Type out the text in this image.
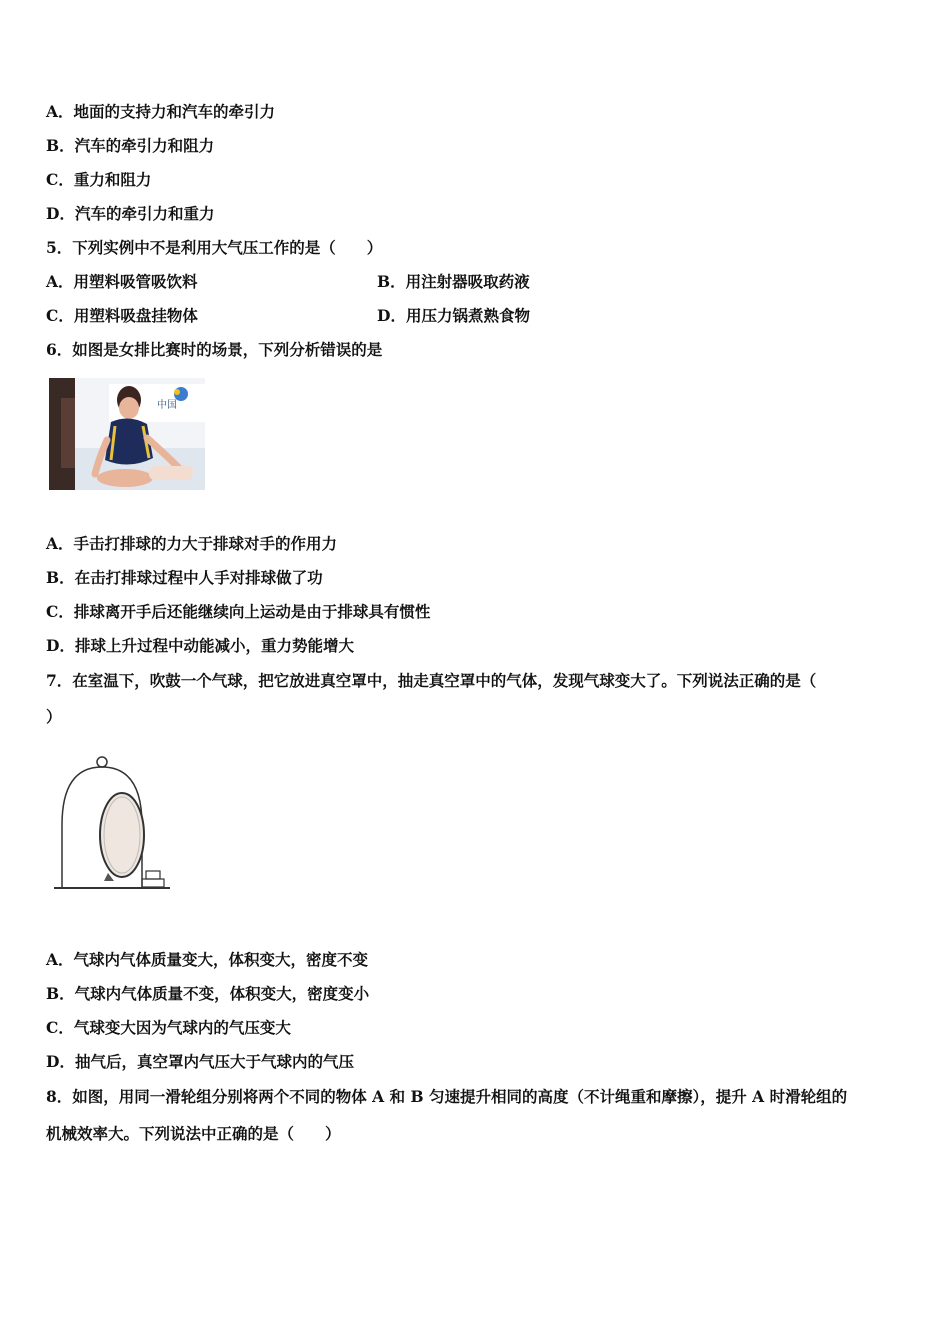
A．地面的支持力和汽车的牵引力
B．汽车的牵引力和阻力
C．重力和阻力
D．汽车的牵引力和重力
5．下列实例中不是利用大气压工作的是（　　）
A．用塑料吸管吸饮料	B．用注射器吸取药液
C．用塑料吸盘挂物体	D．用压力锅煮熟食物
6．如图是女排比赛时的场景，下列分析错误的是
中国
A．手击打排球的力大于排球对手的作用力
B．在击打排球过程中人手对排球做了功
C．排球离开手后还能继续向上运动是由于排球具有惯性
D．排球上升过程中动能减小，重力势能增大
7．在室温下，吹鼓一个气球，把它放进真空罩中，抽走真空罩中的气体，发现气球变大了。下列说法正确的是（
）
A．气球内气体质量变大，体积变大，密度不变
B．气球内气体质量不变，体积变大，密度变小
C．气球变大因为气球内的气压变大
D．抽气后，真空罩内气压大于气球内的气压
8．如图，用同一滑轮组分别将两个不同的物体 A 和 B 匀速提升相同的高度（不计绳重和摩擦），提升 A 时滑轮组的
机械效率大。下列说法中正确的是（　　）
